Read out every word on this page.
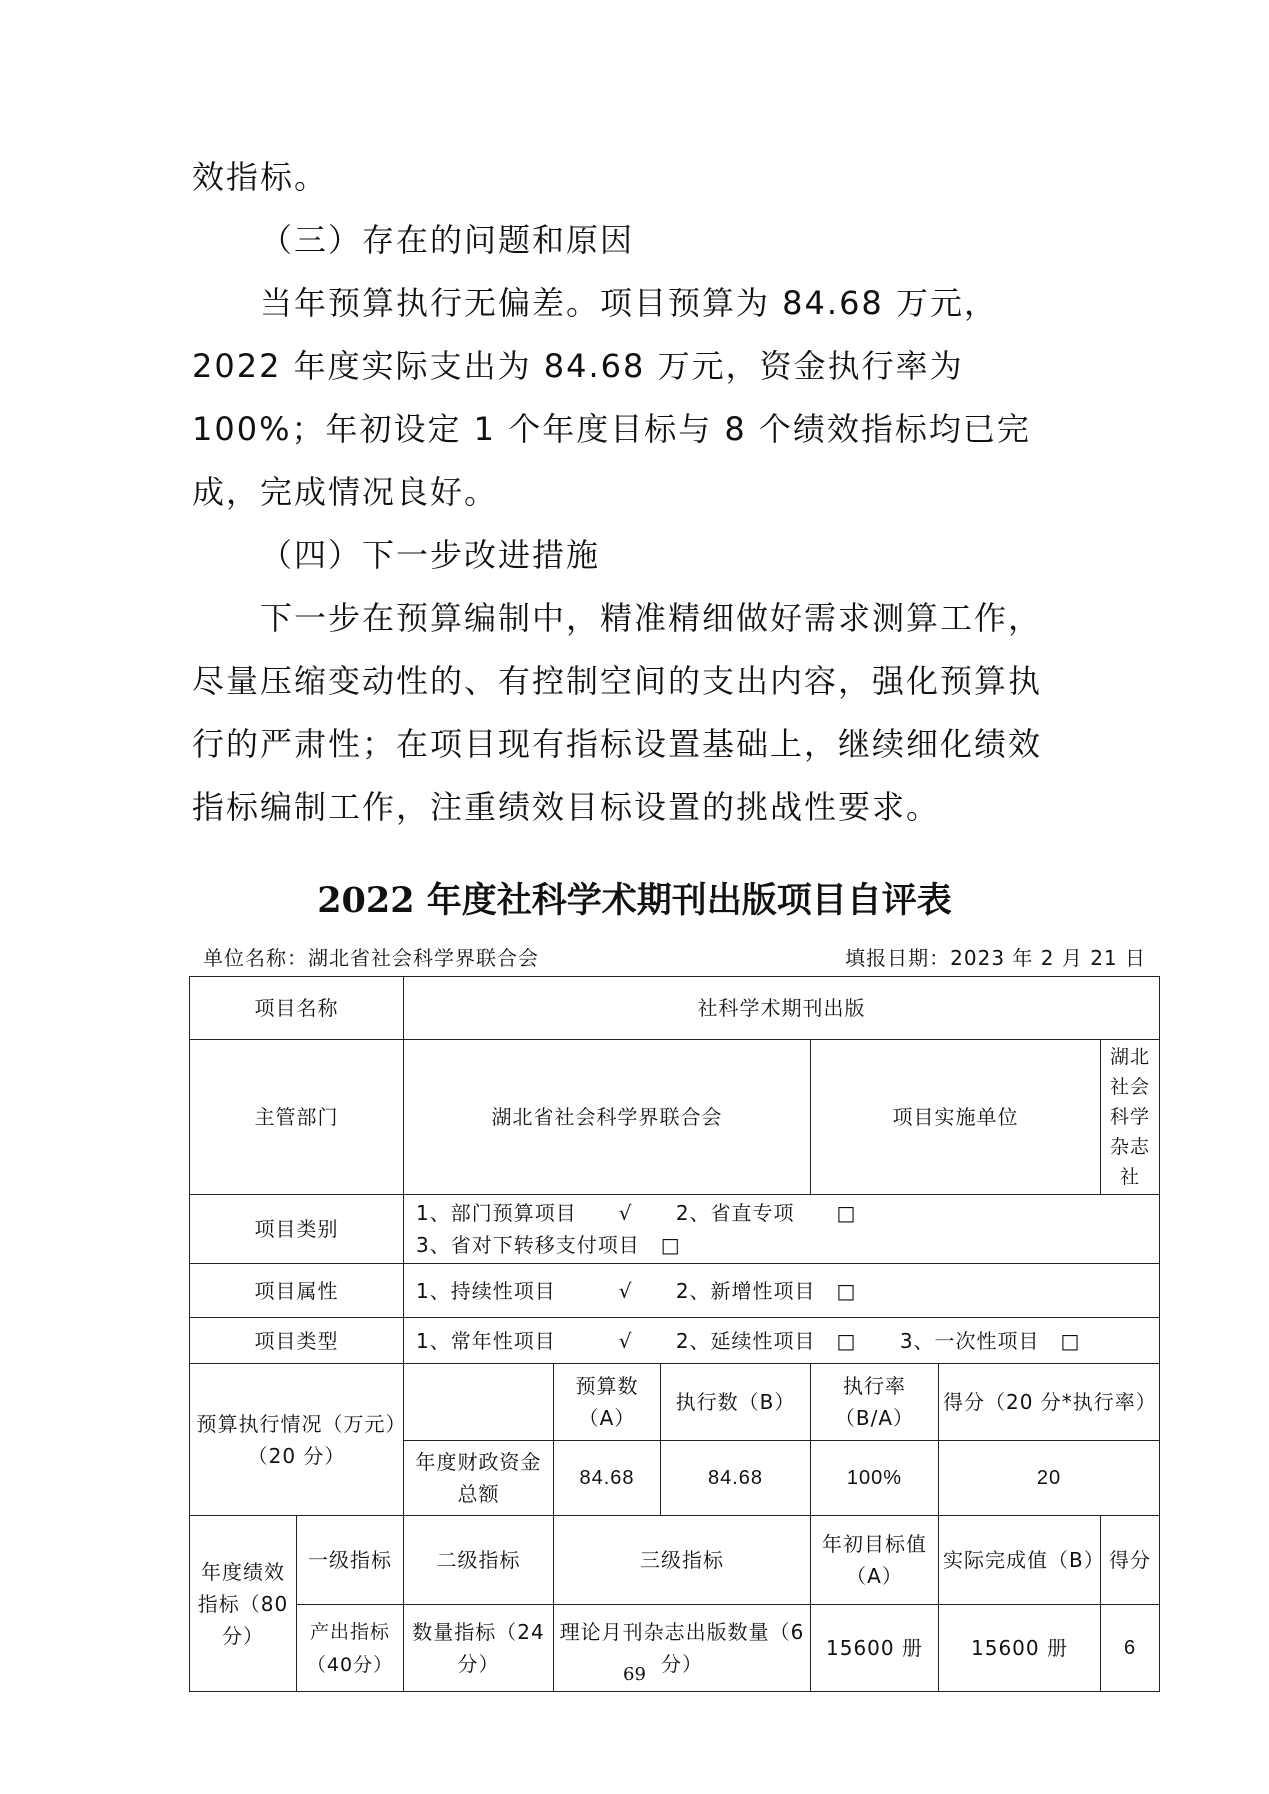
效指标。

（三）存在的问题和原因

当年预算执行无偏差。项目预算为 84.68 万元，2022 年度实际支出为 84.68 万元，资金执行率为 100%；年初设定 1 个年度目标与 8 个绩效指标均已完成，完成情况良好。

（四）下一步改进措施

下一步在预算编制中，精准精细做好需求测算工作，尽量压缩变动性的、有控制空间的支出内容，强化预算执行的严肃性；在项目现有指标设置基础上，继续细化绩效指标编制工作，注重绩效目标设置的挑战性要求。

2022 年度社科学术期刊出版项目自评表
单位名称：湖北省社会科学界联合会	填报日期：2023 年 2 月 21 日
项目名称		社科学术期刊出版					
主管部门		湖北省社会科学界联合会			项目实施单位		湖北社会科学杂志社
项目类别		1、部门预算项目　　√ 2、省直专项　　□ 3、省对下转移支付项目　□					
项目属性		1、持续性项目　　　√ 2、新增性项目　□					
项目类型		1、常年性项目　　　√ 2、延续性项目　□ 3、一次性项目　□					
预算执行情况（万元）（20 分）			预算数（A）	执行数（B）	执行率（B/A）	得分（20 分*执行率）	
		年度财政资金总额	84.68	84.68	100%	20	
年度绩效指标（80 分）	一级指标	二级指标	三级指标		年初目标值（A）	实际完成值（B）	得分
	产出指标（40分）	数量指标（24 分）	理论月刊杂志出版数量（6 分）		15600 册	15600 册	6
69
